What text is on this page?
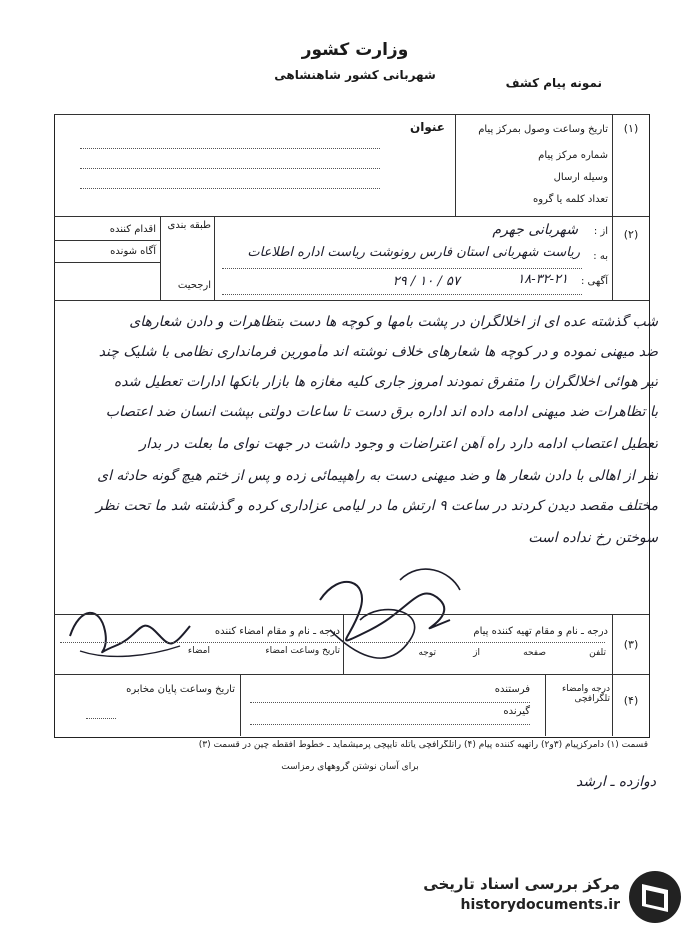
وزارت کشور
شهربانی کشور شاهنشاهی
نمونه پیام کشف
(۱)
عنوان	تاریخ وساعت وصول بمرکز پیام
شماره مرکز پیام
وسیله ارسال
تعداد کلمه یا گروه
(۲)
طبقه بندی
اقدام کننده
آگاه شونده
ارجحیت
از :
شهربانی جهرم
به :
ریاست شهربانی استان فارس رونوشت ریاست اداره اطلاعات
آگهی :
۱۸-۳۲-۲۱
۵۷ / ۱۰ / ۲۹
شب گذشته عده ای از اخلالگران در پشت بامها و کوچه ها دست بتظاهرات و دادن شعارهای
ضد میهنی نموده و در کوچه ها شعارهای خلاف نوشته اند مأمورین فرمانداری نظامی با شلیک چند
تیر هوائی اخلالگران را متفرق نمودند امروز جاری کلیه مغازه ها بازار بانکها ادارات تعطیل شده
با تظاهرات ضد میهنی ادامه داده اند اداره برق دست تا ساعات دولتی بپشت انسان ضد اعتصاب
تعطیل اعتصاب ادامه دارد راه آهن اعتراضات و وجود داشت در جهت نوای ما بعلت در بدار
نفر از اهالی با دادن شعار ها و ضد میهنی دست به راهپیمائی زده و پس از ختم هیچ گونه حادثه ای
مختلف مقصد دیدن کردند در ساعت ۹ ارتش ما در لیامی عزاداری کرده و گذشته شد ما تحت نظر
سوختن رخ نداده است
(۳)
درجه ـ نام و مقام تهیه کننده پیام
تلفن
صفحه
از
توجه
درجه ـ نام و مقام امضاء کننده
تاریخ وساعت امضاء
امضاء
(۴)
درجه وامضاء تلگرافچی
فرستنده
گیرنده
تاریخ وساعت پایان مخابره
قسمت (۱) دامرکزپیام (۳و۲) راتهیه کننده پیام (۴) راتلگرافچی یاتله تایپچی پرمیشماید ـ خطوط افقطه چین در قسمت (۳)
برای آسان نوشتن گروههای رمزاست
دوازده ـ ارشد
مرکز بررسی اسناد تاریخی
historydocuments.ir
